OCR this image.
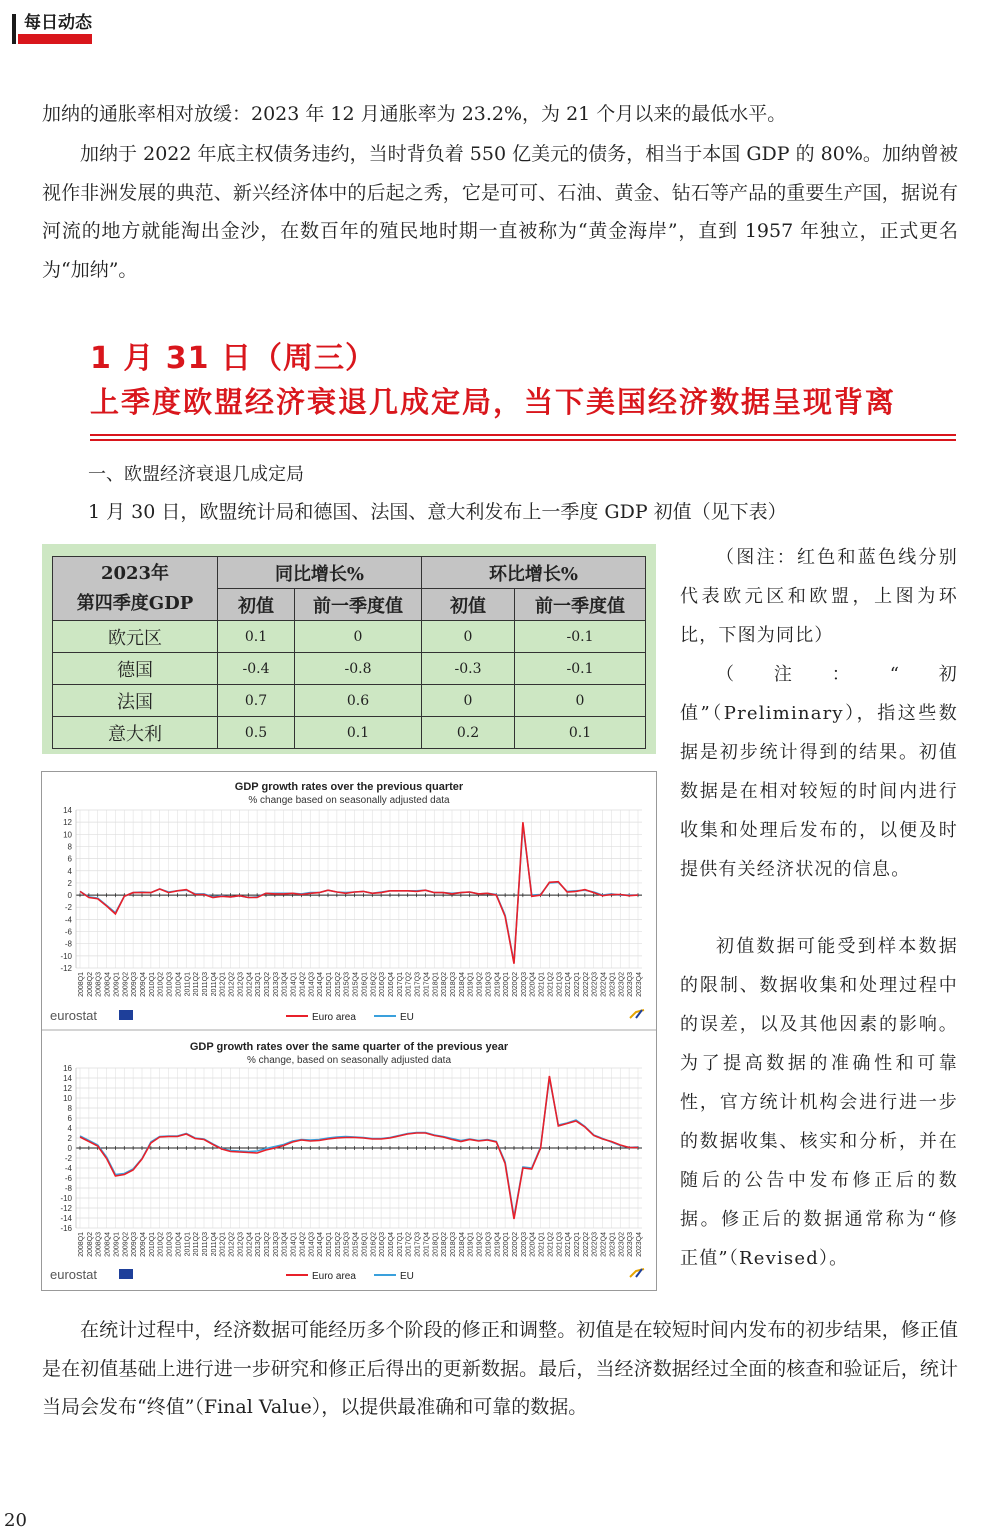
每日动态

加纳的通胀率相对放缓：2023 年 12 月通胀率为 23.2%，为 21 个月以来的最低水平。

加纳于 2022 年底主权债务违约，当时背负着 550 亿美元的债务，相当于本国 GDP 的 80%。加纳曾被视作非洲发展的典范、新兴经济体中的后起之秀，它是可可、石油、黄金、钻石等产品的重要生产国，据说有河流的地方就能淘出金沙，在数百年的殖民地时期一直被称为“黄金海岸”，直到 1957 年独立，正式更名为“加纳”。

1 月 31 日（周三）
上季度欧盟经济衰退几成定局，当下美国经济数据呈现背离
一、欧盟经济衰退几成定局
1 月 30 日，欧盟统计局和德国、法国、意大利发布上一季度 GDP 初值（见下表）
2023年
第四季度GDP	同比增长%		环比增长%	
	初值	前一季度值	初值	前一季度值
欧元区	0.1	0	0	-0.1
德国	-0.4	-0.8	-0.3	-0.1
法国	0.7	0.6	0	0
意大利	0.5	0.1	0.2	0.1

（图注：红色和蓝色线分别代表欧元区和欧盟，上图为环比，下图为同比）

（注：“初值”（Preliminary），指这些数据是初步统计得到的结果。初值数据是在相对较短的时间内进行收集和处理后发布的，以便及时提供有关经济状况的信息。

初值数据可能受到样本数据的限制、数据收集和处理过程中的误差，以及其他因素的影响。为了提高数据的准确性和可靠性，官方统计机构会进行进一步的数据收集、核实和分析，并在随后的公告中发布修正后的数据。修正后的数据通常称为“修正值”（Revised）。

GDP growth rates over the previous quarter
% change based on seasonally adjusted data
14
12
10
8
6
4
2
0
-2
-4
-6
-8
-10
-12
2008Q1 2008Q2 2008Q3 2008Q4 2009Q1 2009Q2 2009Q3 2009Q4 2010Q1 2010Q2 2010Q3 2010Q4 2011Q1 2011Q2 2011Q3 2011Q4 2012Q1 2012Q2 2012Q3 2012Q4 2013Q1 2013Q2 2013Q3 2013Q4 2014Q1 2014Q2 2014Q3 2014Q4 2015Q1 2015Q2 2015Q3 2015Q4 2016Q1 2016Q2 2016Q3 2016Q4 2017Q1 2017Q2 2017Q3 2017Q4 2018Q1 2018Q2 2018Q3 2018Q4 2019Q1 2019Q2 2019Q3 2019Q4 2020Q1 2020Q2 2020Q3 2020Q4 2021Q1 2021Q2 2021Q3 2021Q4 2022Q1 2022Q2 2022Q3 2022Q4 2023Q1 2023Q2 2023Q3 2023Q4
eurostat	Euro area	EU
GDP growth rates over the same quarter of the previous year
% change, based on seasonally adjusted data
16
14
12
10
8
6
4
2
0
-2
-4
-6
-8
-10
-12
-14
-16
2008Q1 2008Q2 2008Q3 2008Q4 2009Q1 2009Q2 2009Q3 2009Q4 2010Q1 2010Q2 2010Q3 2010Q4 2011Q1 2011Q2 2011Q3 2011Q4 2012Q1 2012Q2 2012Q3 2012Q4 2013Q1 2013Q2 2013Q3 2013Q4 2014Q1 2014Q2 2014Q3 2014Q4 2015Q1 2015Q2 2015Q3 2015Q4 2016Q1 2016Q2 2016Q3 2016Q4 2017Q1 2017Q2 2017Q3 2017Q4 2018Q1 2018Q2 2018Q3 2018Q4 2019Q1 2019Q2 2019Q3 2019Q4 2020Q1 2020Q2 2020Q3 2020Q4 2021Q1 2021Q2 2021Q3 2021Q4 2022Q1 2022Q2 2022Q3 2022Q4 2023Q1 2023Q2 2023Q3 2023Q4
eurostat	Euro area	EU

在统计过程中，经济数据可能经历多个阶段的修正和调整。初值是在较短时间内发布的初步结果，修正值是在初值基础上进行进一步研究和修正后得出的更新数据。最后，当经济数据经过全面的核查和验证后，统计当局会发布“终值”（Final Value），以提供最准确和可靠的数据。

20
